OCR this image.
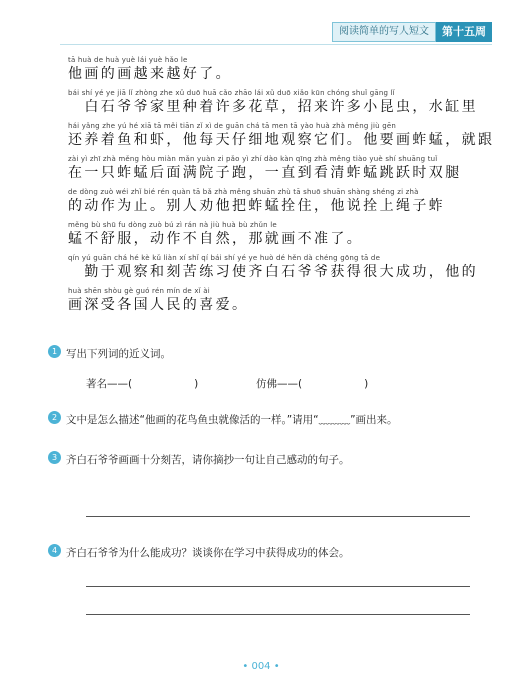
阅读简单的写人短文	第十五周
tā huà de huà yuè lái yuè hǎo le
他画的画越来越好了。
bái shí yé ye jiā lǐ zhòng zhe xǔ duō huā cǎo zhāo lái xǔ duō xiǎo kūn chóng shuǐ gāng lǐ
　白石爷爷家里种着许多花草，招来许多小昆虫，水缸里
hái yǎng zhe yú hé xiā tā měi tiān zǐ xì de guān chá tā men tā yào huà zhà měng jiù gēn
还养着鱼和虾，他每天仔细地观察它们。他要画蚱蜢，就跟
zài yì zhī zhà měng hòu miàn mǎn yuàn zi pǎo yì zhí dào kàn qīng zhà měng tiào yuè shí shuāng tuǐ
在一只蚱蜢后面满院子跑，一直到看清蚱蜢跳跃时双腿
de dòng zuò wéi zhǐ bié rén quàn tā bǎ zhà měng shuān zhù tā shuō shuān shàng shéng zi zhà
的动作为止。别人劝他把蚱蜢拴住，他说拴上绳子蚱
měng bù shū fu dòng zuò bú zì rán nà jiù huà bù zhǔn le
蜢不舒服，动作不自然，那就画不准了。
qín yú guān chá hé kè kǔ liàn xí shǐ qí bái shí yé ye huò dé hěn dà chéng gōng tā de
　勤于观察和刻苦练习使齐白石爷爷获得很大成功，他的
huà shēn shòu gè guó rén mín de xǐ ài
画深受各国人民的喜爱。
1 写出下列词的近义词。
著名——(	)	仿佛——(	)
2 文中是怎么描述“他画的花鸟鱼虫就像活的一样。”请用“﹏﹏﹏”画出来。
3 齐白石爷爷画画十分刻苦，请你摘抄一句让自己感动的句子。
4 齐白石爷爷为什么能成功？谈谈你在学习中获得成功的体会。
• 004 •
